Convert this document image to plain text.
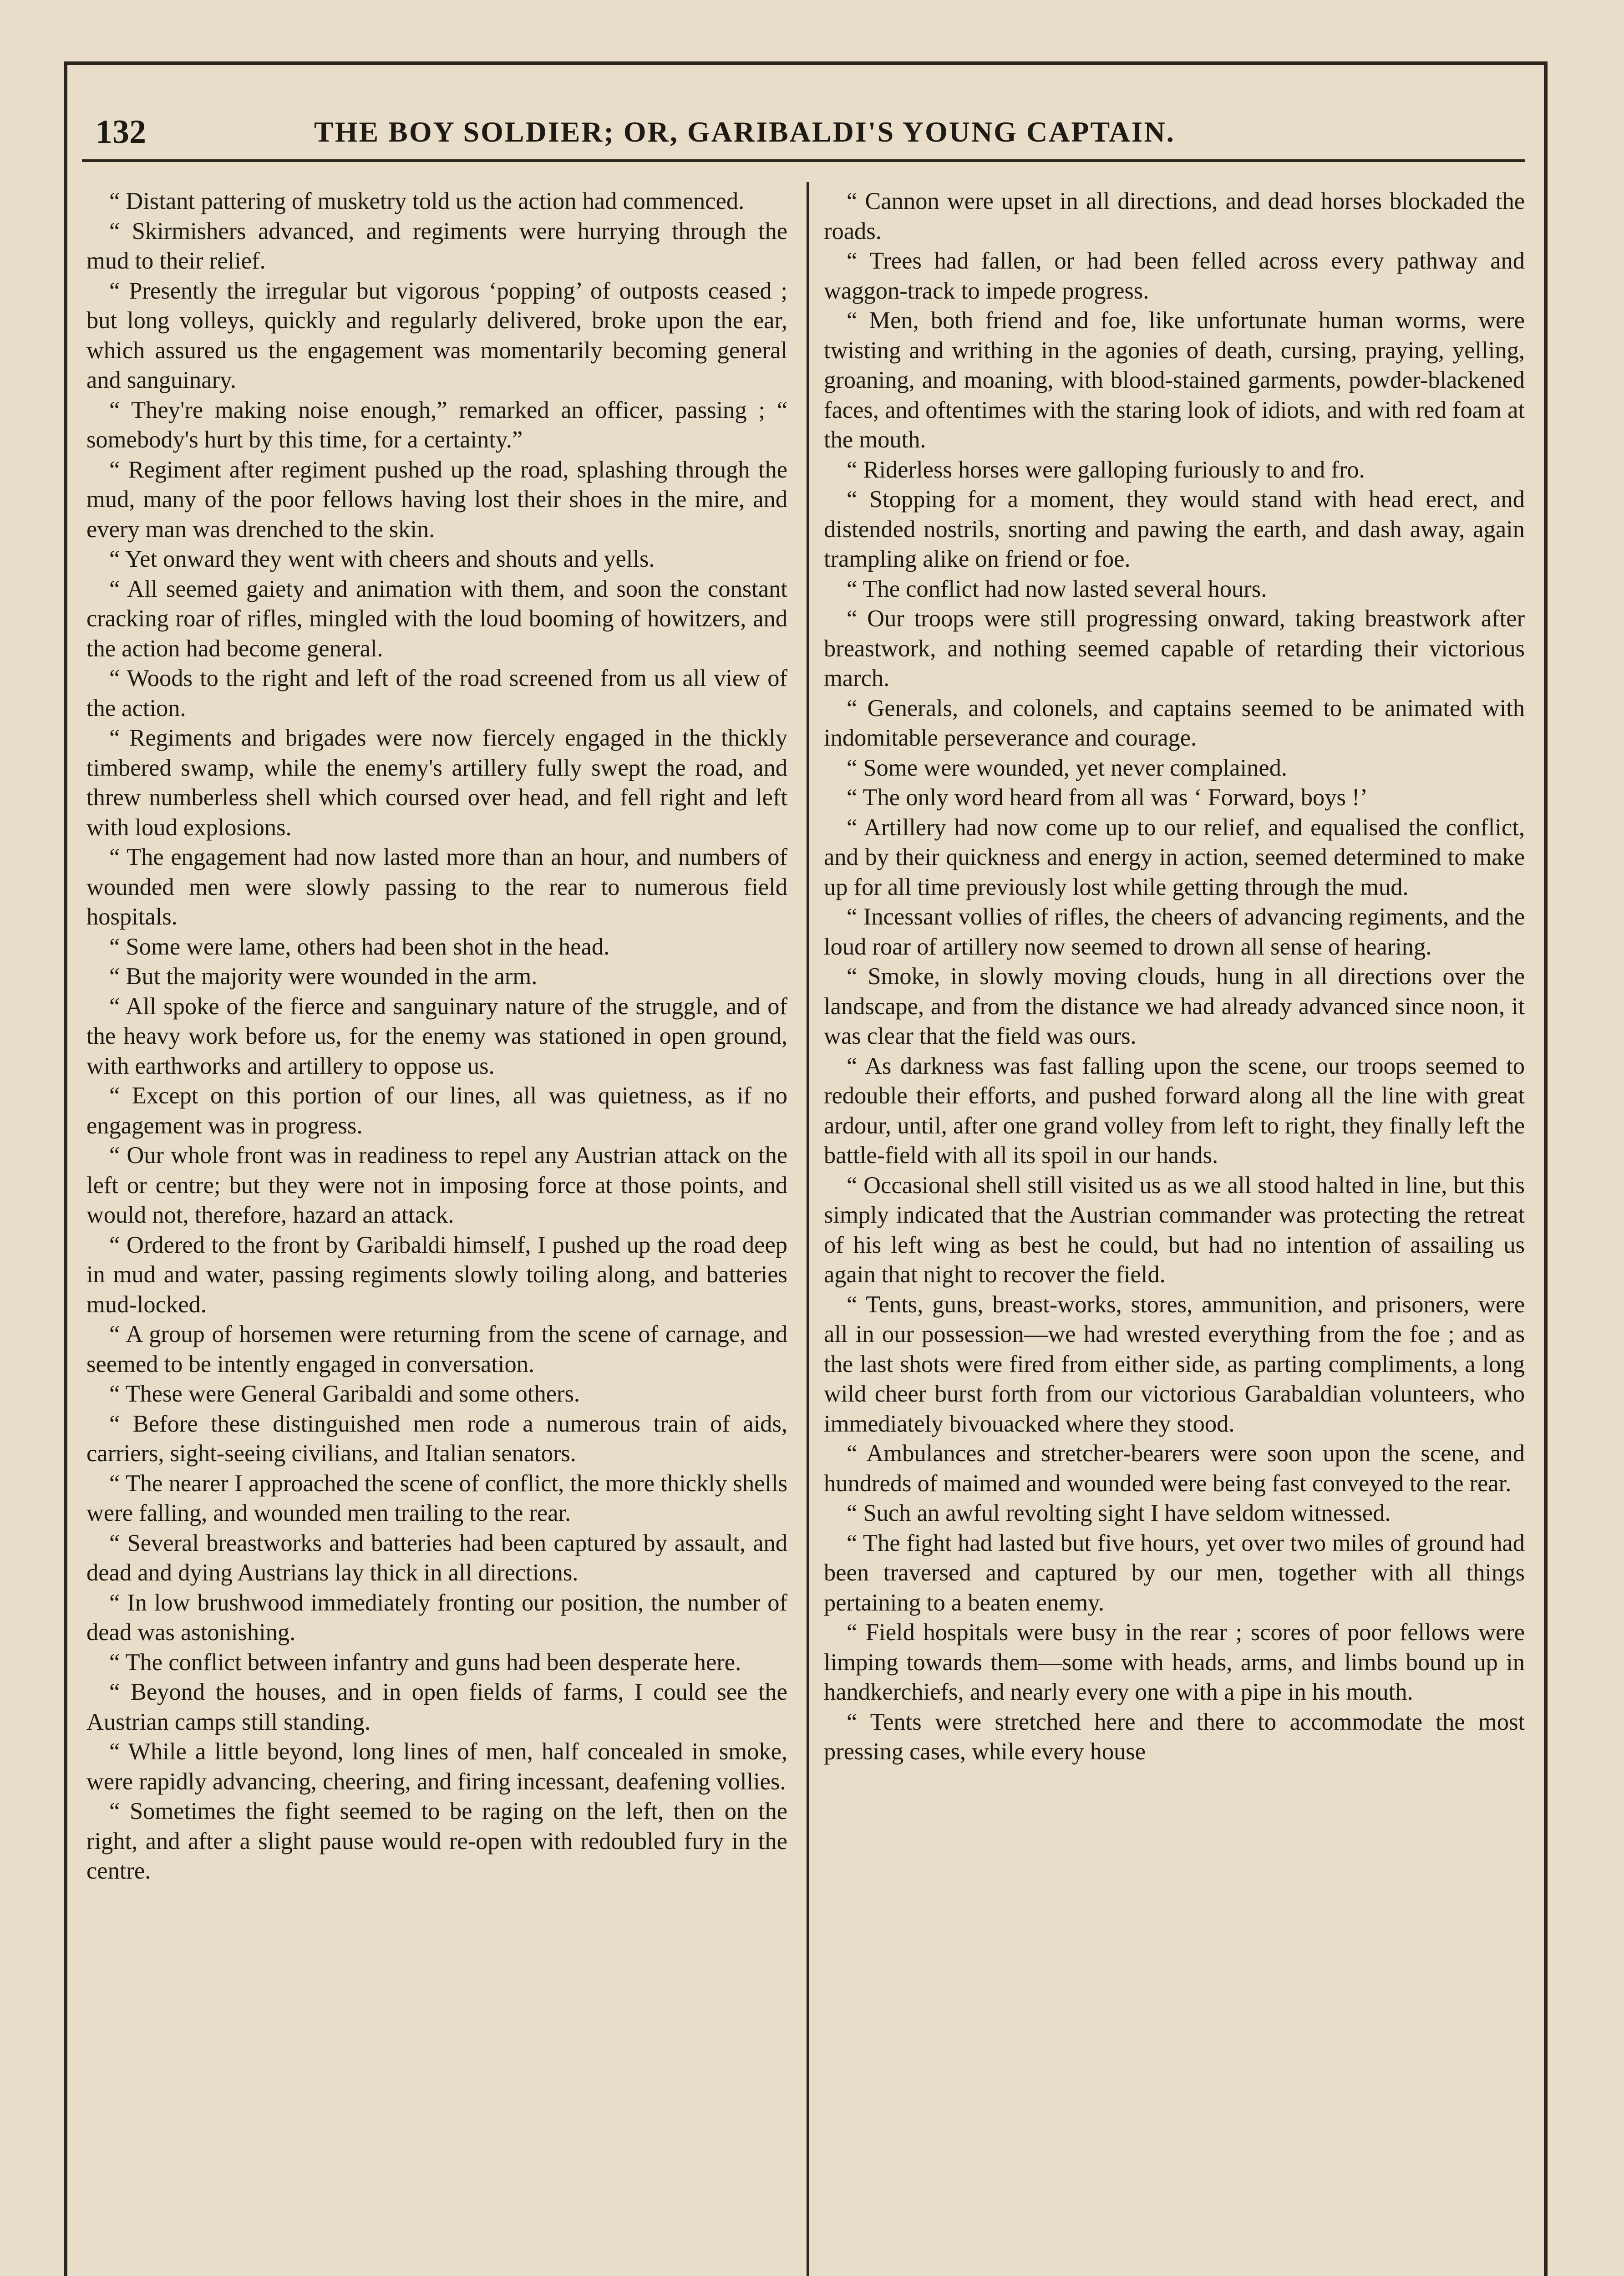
132	THE BOY SOLDIER; OR, GARIBALDI'S YOUNG CAPTAIN.

“ Distant pattering of musketry told us the action had commenced.

“ Skirmishers advanced, and regiments were hurrying through the mud to their relief.

“ Presently the irregular but vigorous ‘popping’ of outposts ceased ; but long volleys, quickly and regularly delivered, broke upon the ear, which assured us the engagement was momentarily becoming general and sanguinary.

“ They're making noise enough,” remarked an officer, passing ; “ somebody's hurt by this time, for a certainty.”

“ Regiment after regiment pushed up the road, splashing through the mud, many of the poor fellows having lost their shoes in the mire, and every man was drenched to the skin.

“ Yet onward they went with cheers and shouts and yells.

“ All seemed gaiety and animation with them, and soon the constant cracking roar of rifles, mingled with the loud booming of howitzers, and the action had become general.

“ Woods to the right and left of the road screened from us all view of the action.

“ Regiments and brigades were now fiercely engaged in the thickly timbered swamp, while the enemy's artillery fully swept the road, and threw numberless shell which coursed over head, and fell right and left with loud explosions.

“ The engagement had now lasted more than an hour, and numbers of wounded men were slowly passing to the rear to numerous field hospitals.

“ Some were lame, others had been shot in the head.

“ But the majority were wounded in the arm.

“ All spoke of the fierce and sanguinary nature of the struggle, and of the heavy work before us, for the enemy was stationed in open ground, with earthworks and artillery to oppose us.

“ Except on this portion of our lines, all was quietness, as if no engagement was in progress.

“ Our whole front was in readiness to repel any Austrian attack on the left or centre; but they were not in imposing force at those points, and would not, therefore, hazard an attack.

“ Ordered to the front by Garibaldi himself, I pushed up the road deep in mud and water, passing regiments slowly toiling along, and batteries mud-locked.

“ A group of horsemen were returning from the scene of carnage, and seemed to be intently engaged in conversation.

“ These were General Garibaldi and some others.

“ Before these distinguished men rode a numerous train of aids, carriers, sight-seeing civilians, and Italian senators.

“ The nearer I approached the scene of conflict, the more thickly shells were falling, and wounded men trailing to the rear.

“ Several breastworks and batteries had been captured by assault, and dead and dying Austrians lay thick in all directions.

“ In low brushwood immediately fronting our position, the number of dead was astonishing.

“ The conflict between infantry and guns had been desperate here.

“ Beyond the houses, and in open fields of farms, I could see the Austrian camps still standing.

“ While a little beyond, long lines of men, half concealed in smoke, were rapidly advancing, cheering, and firing incessant, deafening vollies.

“ Sometimes the fight seemed to be raging on the left, then on the right, and after a slight pause would re-open with redoubled fury in the centre.

“ Cannon were upset in all directions, and dead horses blockaded the roads.

“ Trees had fallen, or had been felled across every pathway and waggon-track to impede progress.

“ Men, both friend and foe, like unfortunate human worms, were twisting and writhing in the agonies of death, cursing, praying, yelling, groaning, and moaning, with blood-stained garments, powder-blackened faces, and oftentimes with the staring look of idiots, and with red foam at the mouth.

“ Riderless horses were galloping furiously to and fro.

“ Stopping for a moment, they would stand with head erect, and distended nostrils, snorting and pawing the earth, and dash away, again trampling alike on friend or foe.

“ The conflict had now lasted several hours.

“ Our troops were still progressing onward, taking breastwork after breastwork, and nothing seemed capable of retarding their victorious march.

“ Generals, and colonels, and captains seemed to be animated with indomitable perseverance and courage.

“ Some were wounded, yet never complained.

“ The only word heard from all was ‘ Forward, boys !’

“ Artillery had now come up to our relief, and equalised the conflict, and by their quickness and energy in action, seemed determined to make up for all time previously lost while getting through the mud.

“ Incessant vollies of rifles, the cheers of advancing regiments, and the loud roar of artillery now seemed to drown all sense of hearing.

“ Smoke, in slowly moving clouds, hung in all directions over the landscape, and from the distance we had already advanced since noon, it was clear that the field was ours.

“ As darkness was fast falling upon the scene, our troops seemed to redouble their efforts, and pushed forward along all the line with great ardour, until, after one grand volley from left to right, they finally left the battle-field with all its spoil in our hands.

“ Occasional shell still visited us as we all stood halted in line, but this simply indicated that the Austrian commander was protecting the retreat of his left wing as best he could, but had no intention of assailing us again that night to recover the field.

“ Tents, guns, breast-works, stores, ammunition, and prisoners, were all in our possession—we had wrested everything from the foe ; and as the last shots were fired from either side, as parting compliments, a long wild cheer burst forth from our victorious Garabaldian volunteers, who immediately bivouacked where they stood.

“ Ambulances and stretcher-bearers were soon upon the scene, and hundreds of maimed and wounded were being fast conveyed to the rear.

“ Such an awful revolting sight I have seldom witnessed.

“ The fight had lasted but five hours, yet over two miles of ground had been traversed and captured by our men, together with all things pertaining to a beaten enemy.

“ Field hospitals were busy in the rear ; scores of poor fellows were limping towards them—some with heads, arms, and limbs bound up in handkerchiefs, and nearly every one with a pipe in his mouth.

“ Tents were stretched here and there to accommodate the most pressing cases, while every house
